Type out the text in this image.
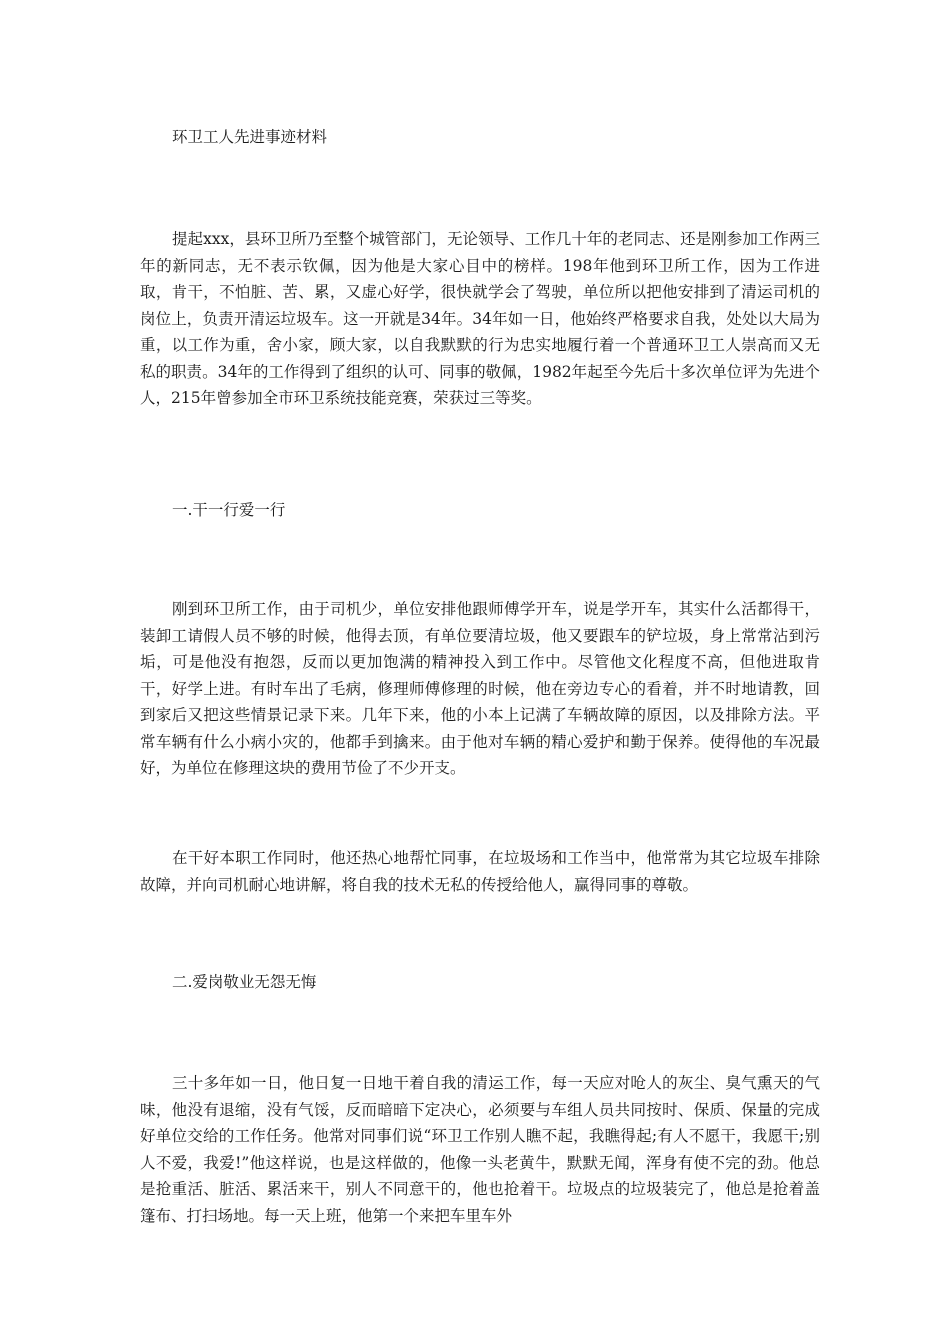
环卫工人先进事迹材料
提起xxx，县环卫所乃至整个城管部门，无论领导、工作几十年的老同志、还是刚参加工作两三年的新同志，无不表示钦佩，因为他是大家心目中的榜样。198年他到环卫所工作，因为工作进取，肯干，不怕脏、苦、累，又虚心好学，很快就学会了驾驶，单位所以把他安排到了清运司机的岗位上，负责开清运垃圾车。这一开就是34年。34年如一日，他始终严格要求自我，处处以大局为重，以工作为重，舍小家，顾大家，以自我默默的行为忠实地履行着一个普通环卫工人崇高而又无私的职责。34年的工作得到了组织的认可、同事的敬佩，1982年起至今先后十多次单位评为先进个人，215年曾参加全市环卫系统技能竞赛，荣获过三等奖。
一.干一行爱一行
刚到环卫所工作，由于司机少，单位安排他跟师傅学开车，说是学开车，其实什么活都得干，装卸工请假人员不够的时候，他得去顶，有单位要清垃圾，他又要跟车的铲垃圾，身上常常沾到污垢，可是他没有抱怨，反而以更加饱满的精神投入到工作中。尽管他文化程度不高，但他进取肯干，好学上进。有时车出了毛病，修理师傅修理的时候，他在旁边专心的看着，并不时地请教，回到家后又把这些情景记录下来。几年下来，他的小本上记满了车辆故障的原因，以及排除方法。平常车辆有什么小病小灾的，他都手到擒来。由于他对车辆的精心爱护和勤于保养。使得他的车况最好，为单位在修理这块的费用节俭了不少开支。
在干好本职工作同时，他还热心地帮忙同事，在垃圾场和工作当中，他常常为其它垃圾车排除故障，并向司机耐心地讲解，将自我的技术无私的传授给他人，赢得同事的尊敬。
二.爱岗敬业无怨无悔
三十多年如一日，他日复一日地干着自我的清运工作，每一天应对呛人的灰尘、臭气熏天的气味，他没有退缩，没有气馁，反而暗暗下定决心，必须要与车组人员共同按时、保质、保量的完成好单位交给的工作任务。他常对同事们说“环卫工作别人瞧不起，我瞧得起;有人不愿干，我愿干;别人不爱，我爱!”他这样说，也是这样做的，他像一头老黄牛，默默无闻，浑身有使不完的劲。他总是抢重活、脏活、累活来干，别人不同意干的，他也抢着干。垃圾点的垃圾装完了，他总是抢着盖篷布、打扫场地。每一天上班，他第一个来把车里车外
